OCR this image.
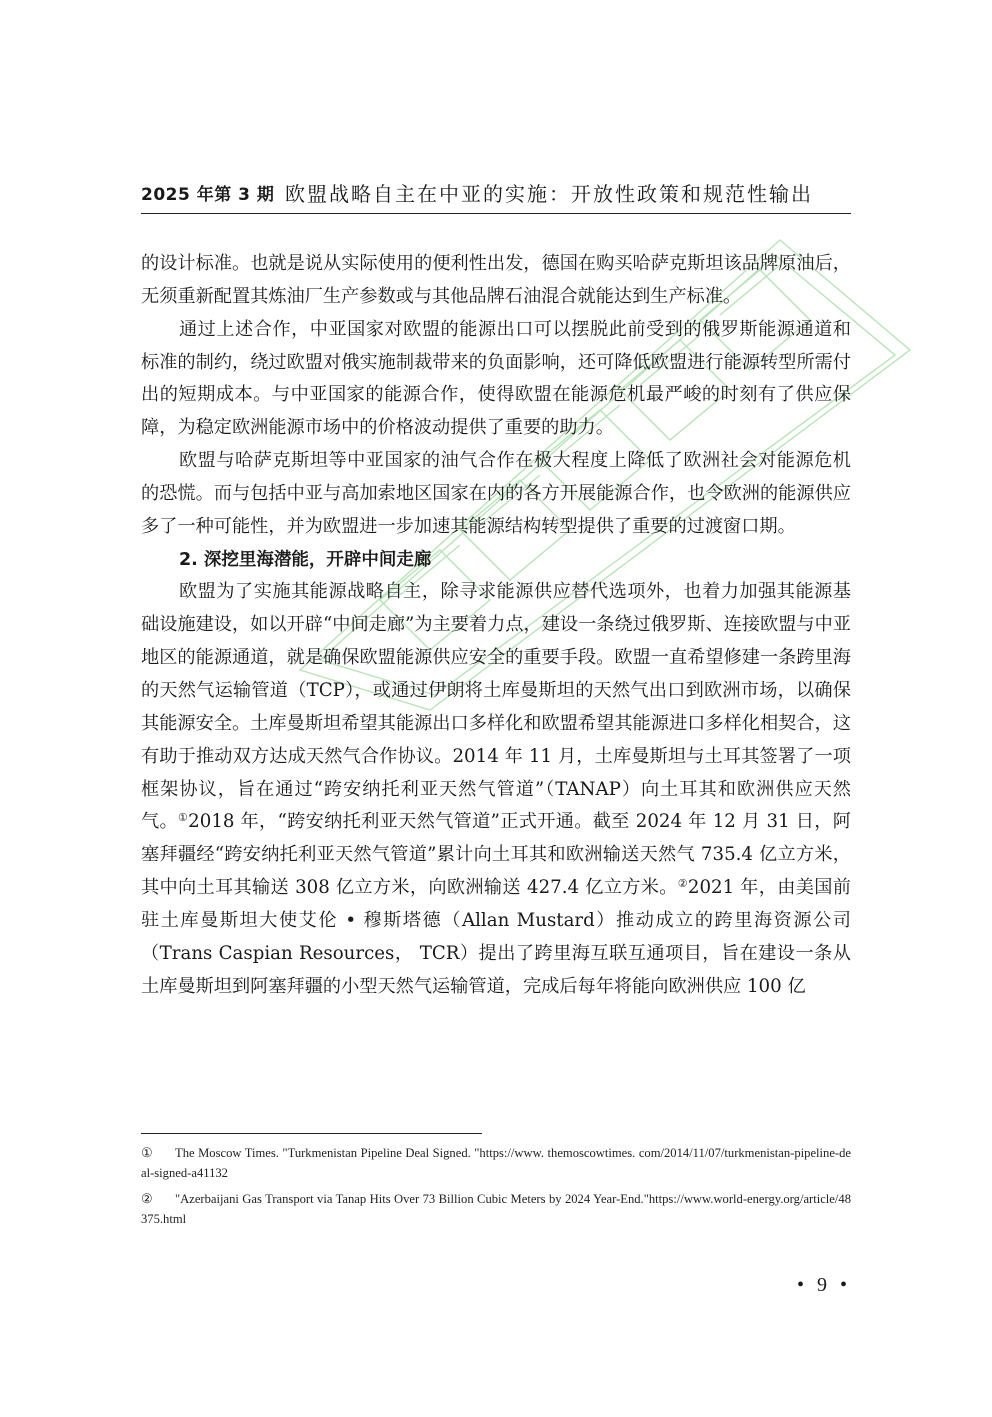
2025 年第 3 期 欧盟战略自主在中亚的实施：开放性政策和规范性输出

的设计标准。也就是说从实际使用的便利性出发，德国在购买哈萨克斯坦该品牌原油后，无须重新配置其炼油厂生产参数或与其他品牌石油混合就能达到生产标准。

通过上述合作，中亚国家对欧盟的能源出口可以摆脱此前受到的俄罗斯能源通道和标准的制约，绕过欧盟对俄实施制裁带来的负面影响，还可降低欧盟进行能源转型所需付出的短期成本。与中亚国家的能源合作，使得欧盟在能源危机最严峻的时刻有了供应保障，为稳定欧洲能源市场中的价格波动提供了重要的助力。

欧盟与哈萨克斯坦等中亚国家的油气合作在极大程度上降低了欧洲社会对能源危机的恐慌。而与包括中亚与高加索地区国家在内的各方开展能源合作，也令欧洲的能源供应多了一种可能性，并为欧盟进一步加速其能源结构转型提供了重要的过渡窗口期。

2. 深挖里海潜能，开辟中间走廊

欧盟为了实施其能源战略自主，除寻求能源供应替代选项外，也着力加强其能源基础设施建设，如以开辟“中间走廊”为主要着力点，建设一条绕过俄罗斯、连接欧盟与中亚地区的能源通道，就是确保欧盟能源供应安全的重要手段。欧盟一直希望修建一条跨里海的天然气运输管道（TCP），或通过伊朗将土库曼斯坦的天然气出口到欧洲市场，以确保其能源安全。土库曼斯坦希望其能源出口多样化和欧盟希望其能源进口多样化相契合，这有助于推动双方达成天然气合作协议。2014 年 11 月，土库曼斯坦与土耳其签署了一项框架协议，旨在通过“跨安纳托利亚天然气管道”（TANAP）向土耳其和欧洲供应天然气。①2018 年，“跨安纳托利亚天然气管道”正式开通。截至 2024 年 12 月 31 日，阿塞拜疆经“跨安纳托利亚天然气管道”累计向土耳其和欧洲输送天然气 735.4 亿立方米，其中向土耳其输送 308 亿立方米，向欧洲输送 427.4 亿立方米。②2021 年，由美国前驻土库曼斯坦大使艾伦 • 穆斯塔德（Allan Mustard）推动成立的跨里海资源公司（Trans Caspian Resources， TCR）提出了跨里海互联互通项目，旨在建设一条从土库曼斯坦到阿塞拜疆的小型天然气运输管道，完成后每年将能向欧洲供应 100 亿

① The Moscow Times. "Turkmenistan Pipeline Deal Signed. "https://www. themoscowtimes. com/2014/11/07/turkmenistan-pipeline-deal-signed-a41132

② "Azerbaijani Gas Transport via Tanap Hits Over 73 Billion Cubic Meters by 2024 Year-End."https://www.world-energy.org/article/48375.html

• 9 •
